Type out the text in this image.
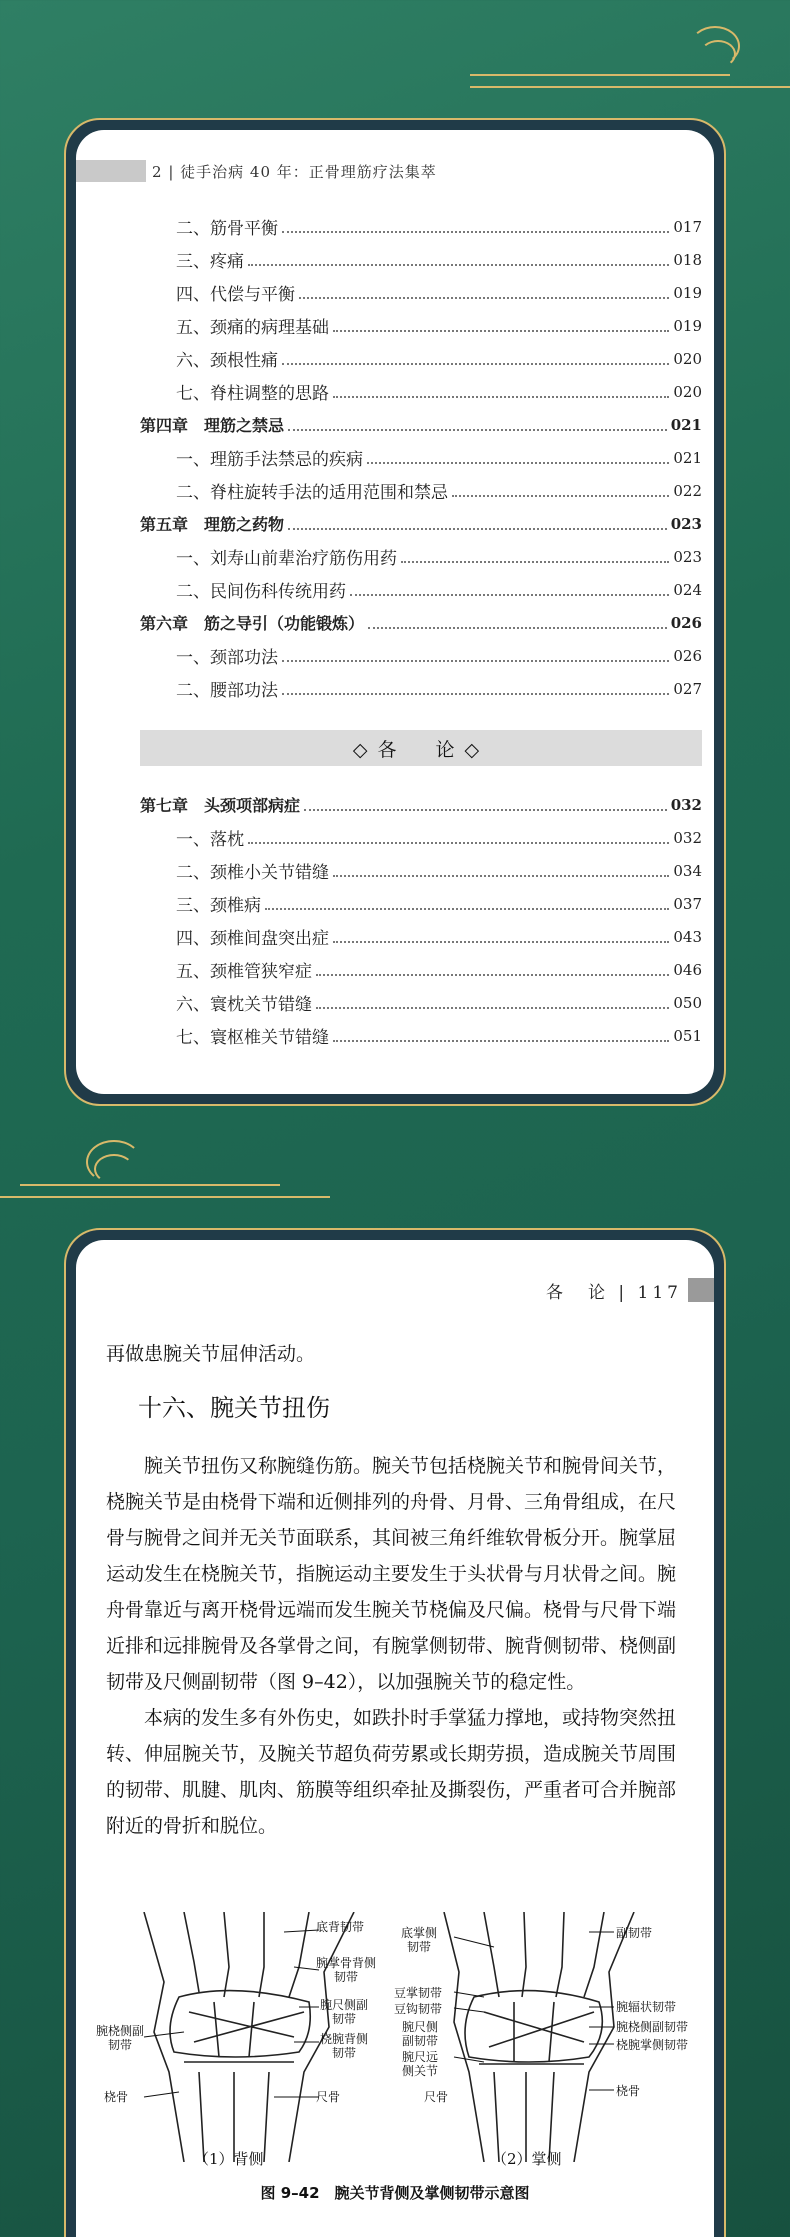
2 | 徒手治病 40 年：正骨理筋疗法集萃
二、筋骨平衡	017
三、疼痛	018
四、代偿与平衡	019
五、颈痛的病理基础	019
六、颈根性痛	020
七、脊柱调整的思路	020
第四章　理筋之禁忌	021
一、理筋手法禁忌的疾病	021
二、脊柱旋转手法的适用范围和禁忌	022
第五章　理筋之药物	023
一、刘寿山前辈治疗筋伤用药	023
二、民间伤科传统用药	024
第六章　筋之导引（功能锻炼）	026
一、颈部功法	026
二、腰部功法	027
◇各　论◇
第七章　头颈项部病症	032
一、落枕	032
二、颈椎小关节错缝	034
三、颈椎病	037
四、颈椎间盘突出症	043
五、颈椎管狭窄症	046
六、寰枕关节错缝	050
七、寰枢椎关节错缝	051
各　论 | 117
再做患腕关节屈伸活动。
十六、腕关节扭伤

腕关节扭伤又称腕缝伤筋。腕关节包括桡腕关节和腕骨间关节，桡腕关节是由桡骨下端和近侧排列的舟骨、月骨、三角骨组成，在尺骨与腕骨之间并无关节面联系，其间被三角纤维软骨板分开。腕掌屈运动发生在桡腕关节，指腕运动主要发生于头状骨与月状骨之间。腕舟骨靠近与离开桡骨远端而发生腕关节桡偏及尺偏。桡骨与尺骨下端近排和远排腕骨及各掌骨之间，有腕掌侧韧带、腕背侧韧带、桡侧副韧带及尺侧副韧带（图 9–42），以加强腕关节的稳定性。

本病的发生多有外伤史，如跌扑时手掌猛力撑地，或持物突然扭转、伸屈腕关节，及腕关节超负荷劳累或长期劳损，造成腕关节周围的韧带、肌腱、肌肉、筋膜等组织牵扯及撕裂伤，严重者可合并腕部附近的骨折和脱位。

底背韧带
腕掌骨背侧韧带
腕尺侧副韧带
桡腕背侧韧带
腕桡侧副韧带
桡骨	尺骨
（1）背侧
底掌侧韧带
副韧带
豆掌韧带
豆钩韧带
腕尺侧副韧带
腕尺远侧关节
尺骨
腕辐状韧带
腕桡侧副韧带
桡腕掌侧韧带
桡骨
（2）掌侧
图 9–42　腕关节背侧及掌侧韧带示意图
